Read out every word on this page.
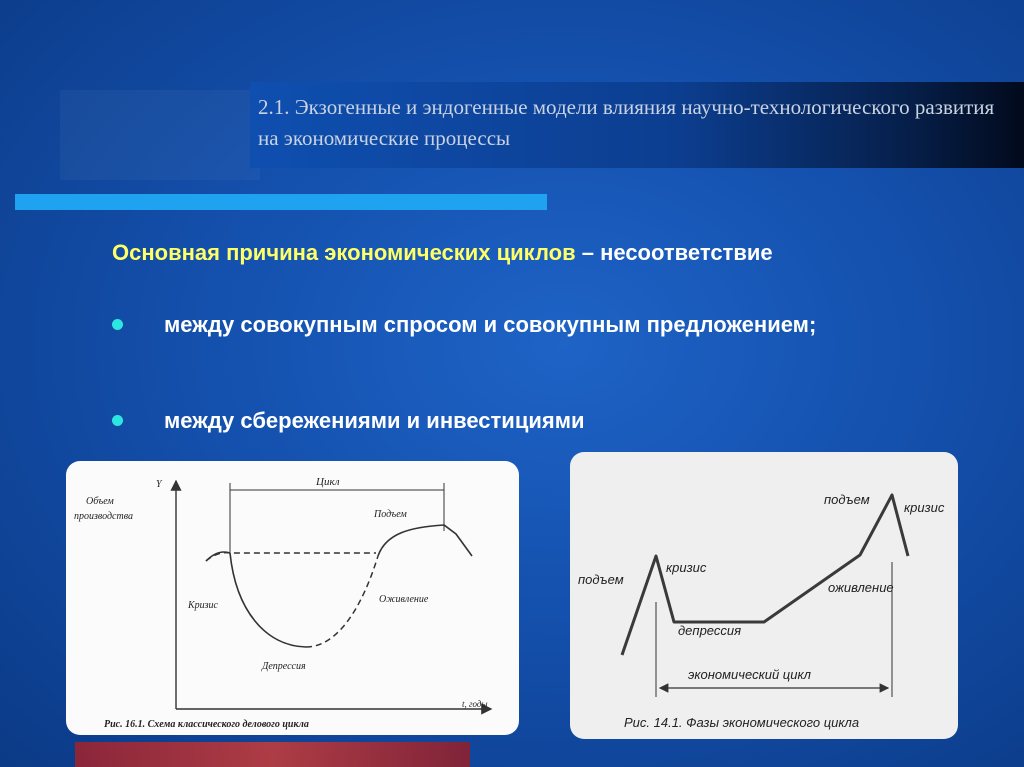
2.1. Экзогенные и эндогенные модели влияния научно-технологического развития на экономические процессы
Основная причина экономических циклов – несоответствие
между совокупным спросом и совокупным предложением;
между сбережениями и инвестициями
Y
Объем
производства
t, годы
Цикл
Подъем
Кризис
Оживление
Депрессия
Рис. 16.1. Схема классического делового цикла
подъем
кризис
депрессия
оживление
подъем
кризис
экономический цикл
Рис. 14.1. Фазы экономического цикла
